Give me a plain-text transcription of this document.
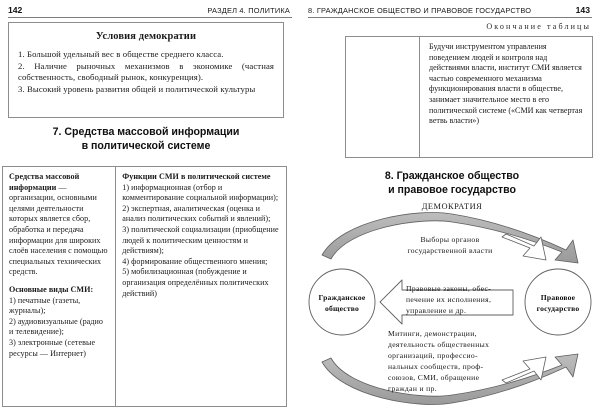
142	РАЗДЕЛ 4. ПОЛИТИКА
Условия демократии

1. Большой удельный вес в обществе среднего класса.

2. Наличие рыночных механизмов в экономике (частная собственность, свободный рынок, конкуренция).

3. Высокий уровень развития общей и политической культуры

7. Средства массовой информации
в политической системе

Средства массовой информации — организации, основными целями деятельности которых является сбор, обработка и передача информации для широких слоёв населения с помощью специальных технических средств.

Основные виды СМИ:

1) печатные (газеты, журналы);

2) аудиовизуальные (радио и телевидение);

3) электронные (сетевые ресурсы — Интернет)

Функции СМИ в политической системе

1) информационная (отбор и комментирование социальной информации);

2) экспертная, аналитическая (оценка и анализ политических событий и явлений);

3) политической социализации (приобщение людей к политическим ценностям и действиям);

4) формирование общественного мнения;

5) мобилизационная (побуждение и организация определённых политических действий)

143
8. ГРАЖДАНСКОЕ ОБЩЕСТВО И ПРАВОВОЕ ГОСУДАРСТВО
Окончание таблицы

Будучи инструментом управления поведением людей и контроля над действиями власти, институт СМИ является частью современного механизма функционирования власти в обществе, занимает значительное место в его политической системе («СМИ как четвертая ветвь власти»)

8. Гражданское общество
и правовое государство
ДЕМОКРАТИЯ
Гражданское
общество
Правовое
государство
Выборы органов
государственной власти
Правовые законы, обес-
печение их исполнения,
управление и др.
Митинги, демонстрации,
деятельность общественных
организаций, профессио-
нальных сообществ, проф-
союзов, СМИ, обращение
граждан и пр.
